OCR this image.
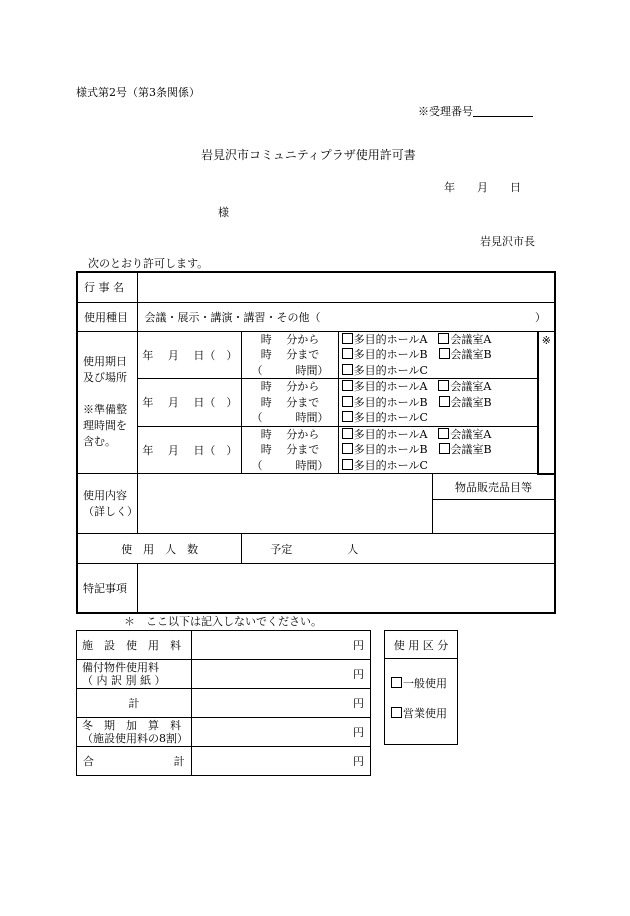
様式第2号（第3条関係）
※受理番号
岩見沢市コミュニティプラザ使用許可書
年　　月　　日
様
岩見沢市長
次のとおり許可します。
行 事 名					
使用種目	会議・展示・講演・講習・その他（ ）				

使用期日
及び場所

※準備整
理時間を
含む。	年　 月　 日（　）	時　 分から
時　 分まで
（　　　時間）	多目的ホールA　 会議室A
多目的ホールB　 会議室B
多目的ホールC		※
	年　 月　 日（　）	時　 分から
時　 分まで
（　　　時間）	多目的ホールA　 会議室A
多目的ホールB　 会議室B
多目的ホールC		

	年　 月　 日（　）	時　 分から
時　 分まで
（　　　時間）	多目的ホールA　 会議室A
多目的ホールB　 会議室B
多目的ホールC		

使用内容
（詳しく）				物品販売品目等	

使　用　人　数		予定　　　　　人			
特記事項					
＊　ここ以下は記入しないでください。
施　設　使　用　料	円
備付物件使用料
（ 内 訳 別 紙 ）	円
計	円
冬　期　加　算　料
（施設使用料の8割）	円

合 計	円
使 用 区 分
一般使用
営業使用
